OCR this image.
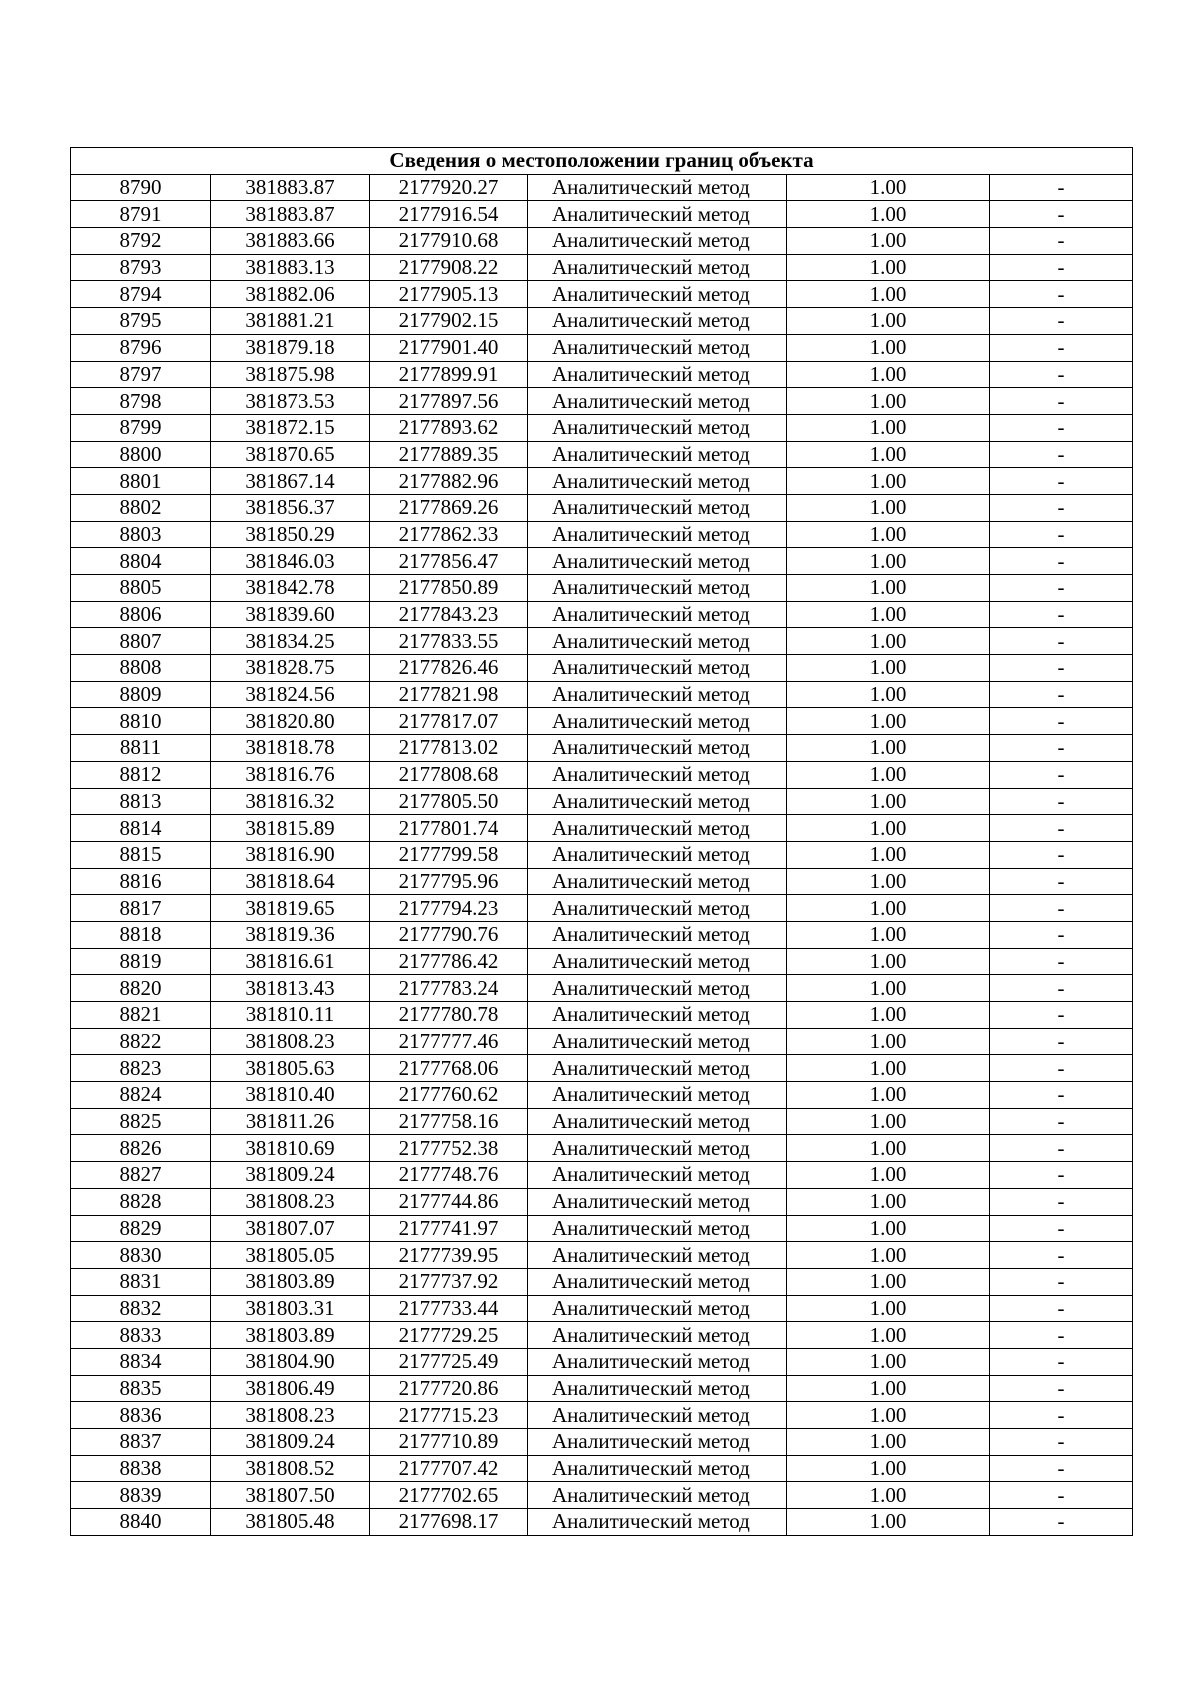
Сведения о местоположении границ объекта					
8790	381883.87	2177920.27	Аналитический метод	1.00	-
8791	381883.87	2177916.54	Аналитический метод	1.00	-
8792	381883.66	2177910.68	Аналитический метод	1.00	-
8793	381883.13	2177908.22	Аналитический метод	1.00	-
8794	381882.06	2177905.13	Аналитический метод	1.00	-
8795	381881.21	2177902.15	Аналитический метод	1.00	-
8796	381879.18	2177901.40	Аналитический метод	1.00	-
8797	381875.98	2177899.91	Аналитический метод	1.00	-
8798	381873.53	2177897.56	Аналитический метод	1.00	-
8799	381872.15	2177893.62	Аналитический метод	1.00	-
8800	381870.65	2177889.35	Аналитический метод	1.00	-
8801	381867.14	2177882.96	Аналитический метод	1.00	-
8802	381856.37	2177869.26	Аналитический метод	1.00	-
8803	381850.29	2177862.33	Аналитический метод	1.00	-
8804	381846.03	2177856.47	Аналитический метод	1.00	-
8805	381842.78	2177850.89	Аналитический метод	1.00	-
8806	381839.60	2177843.23	Аналитический метод	1.00	-
8807	381834.25	2177833.55	Аналитический метод	1.00	-
8808	381828.75	2177826.46	Аналитический метод	1.00	-
8809	381824.56	2177821.98	Аналитический метод	1.00	-
8810	381820.80	2177817.07	Аналитический метод	1.00	-
8811	381818.78	2177813.02	Аналитический метод	1.00	-
8812	381816.76	2177808.68	Аналитический метод	1.00	-
8813	381816.32	2177805.50	Аналитический метод	1.00	-
8814	381815.89	2177801.74	Аналитический метод	1.00	-
8815	381816.90	2177799.58	Аналитический метод	1.00	-
8816	381818.64	2177795.96	Аналитический метод	1.00	-
8817	381819.65	2177794.23	Аналитический метод	1.00	-
8818	381819.36	2177790.76	Аналитический метод	1.00	-
8819	381816.61	2177786.42	Аналитический метод	1.00	-
8820	381813.43	2177783.24	Аналитический метод	1.00	-
8821	381810.11	2177780.78	Аналитический метод	1.00	-
8822	381808.23	2177777.46	Аналитический метод	1.00	-
8823	381805.63	2177768.06	Аналитический метод	1.00	-
8824	381810.40	2177760.62	Аналитический метод	1.00	-
8825	381811.26	2177758.16	Аналитический метод	1.00	-
8826	381810.69	2177752.38	Аналитический метод	1.00	-
8827	381809.24	2177748.76	Аналитический метод	1.00	-
8828	381808.23	2177744.86	Аналитический метод	1.00	-
8829	381807.07	2177741.97	Аналитический метод	1.00	-
8830	381805.05	2177739.95	Аналитический метод	1.00	-
8831	381803.89	2177737.92	Аналитический метод	1.00	-
8832	381803.31	2177733.44	Аналитический метод	1.00	-
8833	381803.89	2177729.25	Аналитический метод	1.00	-
8834	381804.90	2177725.49	Аналитический метод	1.00	-
8835	381806.49	2177720.86	Аналитический метод	1.00	-
8836	381808.23	2177715.23	Аналитический метод	1.00	-
8837	381809.24	2177710.89	Аналитический метод	1.00	-
8838	381808.52	2177707.42	Аналитический метод	1.00	-
8839	381807.50	2177702.65	Аналитический метод	1.00	-
8840	381805.48	2177698.17	Аналитический метод	1.00	-
